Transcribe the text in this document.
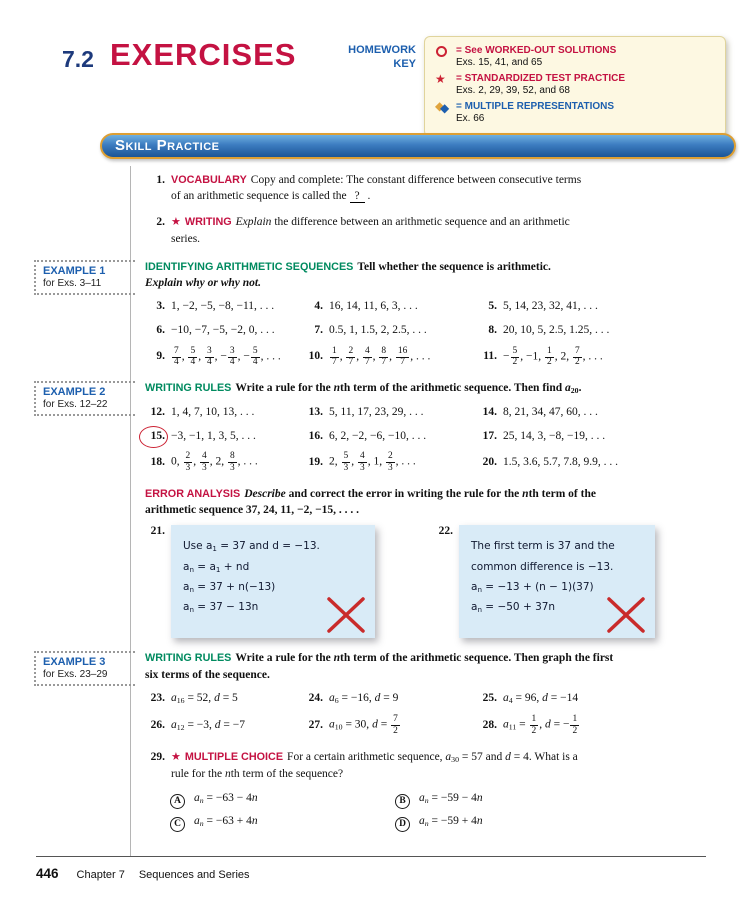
7.2 EXERCISES	HOMEWORK
KEY
= See WORKED-OUT SOLUTIONS
Exs. 15, 41, and 65
★
= STANDARDIZED TEST PRACTICE
Exs. 2, 29, 39, 52, and 68
◆ ◆
= MULTIPLE REPRESENTATIONS
Ex. 66
Skill Practice
1. VOCABULARY Copy and complete: The constant difference between consecutive terms of an arithmetic sequence is called the ? .
2. ★	WRITING Explain the difference between an arithmetic sequence and an arithmetic series.
EXAMPLE 1
for Exs. 3–11
IDENTIFYING ARITHMETIC SEQUENCES Tell whether the sequence is arithmetic.
Explain why or why not.
3. 1, −2, −5, −8, −11, . . .	4. 16, 14, 11, 6, 3, . . .	5. 5, 14, 23, 32, 41, . . .
6. −10, −7, −5, −2, 0, . . .	7. 0.5, 1, 1.5, 2, 2.5, . . .	8. 20, 10, 5, 2.5, 1.25, . . .
9. $\frac{7}{4}$ , $\frac{5}{4}$ , $\frac{3}{4}$ , − $\frac{3}{4}$ , − $\frac{5}{4}$ , . . .	10. $\frac{1}{7}$ , $\frac{2}{7}$ , $\frac{4}{7}$ , $\frac{8}{7}$ , $\frac{16}{7}$ , . . .	11. − $\frac{5}{2}$ , −1, $\frac{1}{2}$ , 2, $\frac{7}{2}$ , . . .
EXAMPLE 2
for Exs. 12–22
WRITING RULES Write a rule for the nth term of the arithmetic sequence. Then find $a_{20}$.
12. 1, 4, 7, 10, 13, . . .	13. 5, 11, 17, 23, 29, . . .	14. 8, 21, 34, 47, 60, . . .
15. −3, −1, 1, 3, 5, . . .	16. 6, 2, −2, −6, −10, . . .	17. 25, 14, 3, −8, −19, . . .
18. 0, $\frac{2}{3}$ , $\frac{4}{3}$ , 2, $\frac{8}{3}$ , . . .	19. 2, $\frac{5}{3}$ , $\frac{4}{3}$ , 1, $\frac{2}{3}$ , . . .	20. 1.5, 3.6, 5.7, 7.8, 9.9, . . .
ERROR ANALYSIS Describe and correct the error in writing the rule for the nth term of the arithmetic sequence 37, 24, 11, −2, −15, . . . .
21.
Use $a_1 = 37$ and d = −13.
$a_n = a_1$ + nd
$a_n = 37 + n(-13)$
$a_n = 37 - 13n$
22.
The first term is 37 and the
common difference is −13.
$a_n = -13 + (n - 1)(37)$
$a_n = -50 + 37n$
EXAMPLE 3
for Exs. 23–29
WRITING RULES Write a rule for the nth term of the arithmetic sequence. Then graph the first six terms of the sequence.
23. $a_{16} = 52$, d = 5	24. $a_6 = -16$, d = 9	25. $a_4 = 96$, d = −14
26. $a_{12} = -3$, d = −7	27. $a_{10} = 30$, $d = \frac{7}{2}$	28. $a_{11} = \frac{1}{2}$ , d = − $\frac{1}{2}$
29. ★	MULTIPLE CHOICE For a certain arithmetic sequence, $a_{30} = 57$ and d = 4. What is a rule for the nth term of the sequence?
A	$a_n = -63 - 4n$	B	$a_n = -59 - 4n$
C	$a_n = -63 + 4n$	D	$a_n = -59 + 4n$
446 Chapter 7 Sequences and Series
